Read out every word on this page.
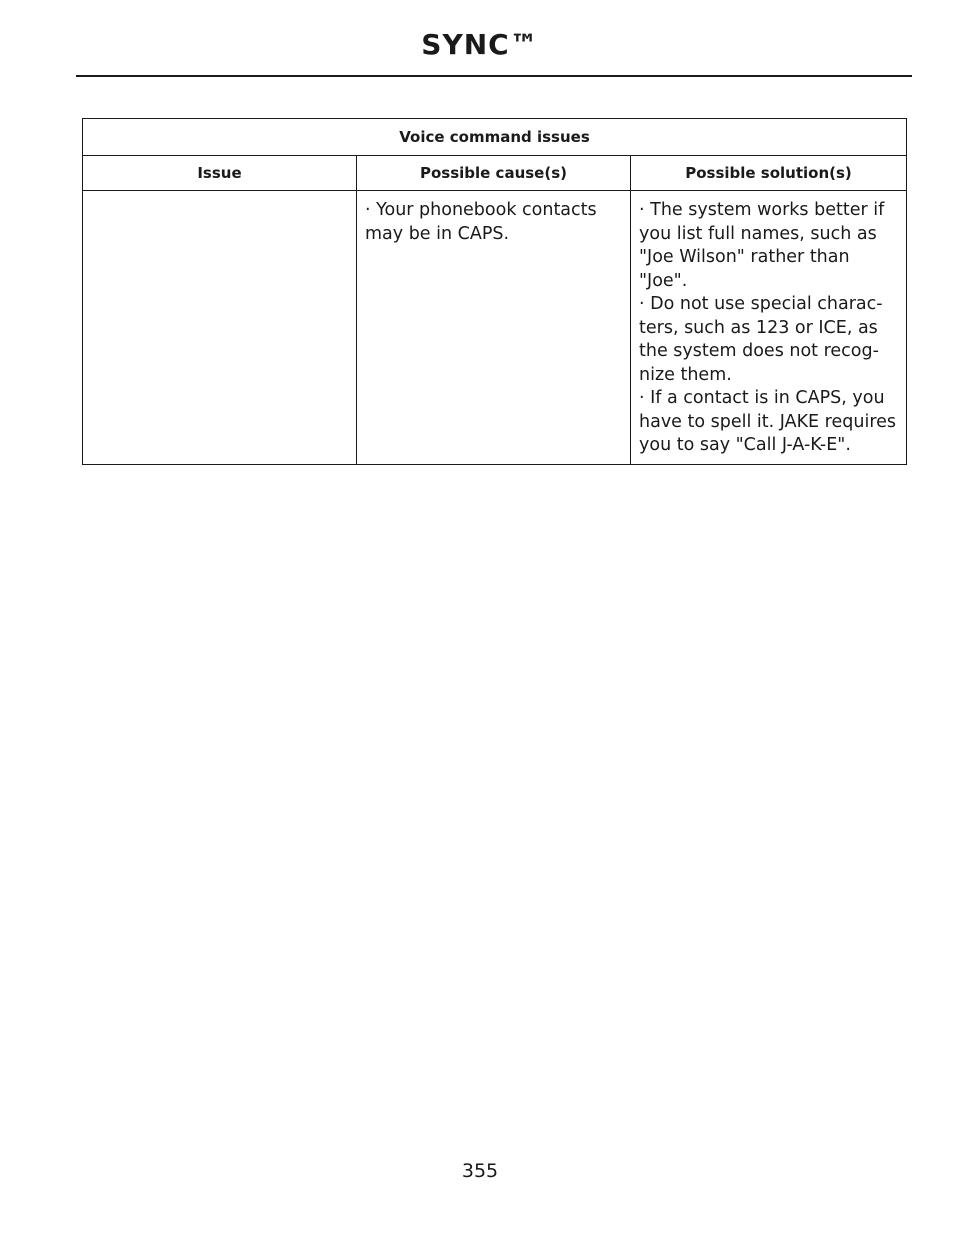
SYNC™
Voice command issues		
Issue	Possible cause(s)	Possible solution(s)

	· Your phonebook contacts may be in CAPS.	· The system works better if you list full names, such as "Joe Wilson" rather than "Joe".

· Do not use special characters, such as 123 or ICE, as the system does not recognize them.

· If a contact is in CAPS, you have to spell it. JAKE requires you to say "Call J-A-K-E".

355
